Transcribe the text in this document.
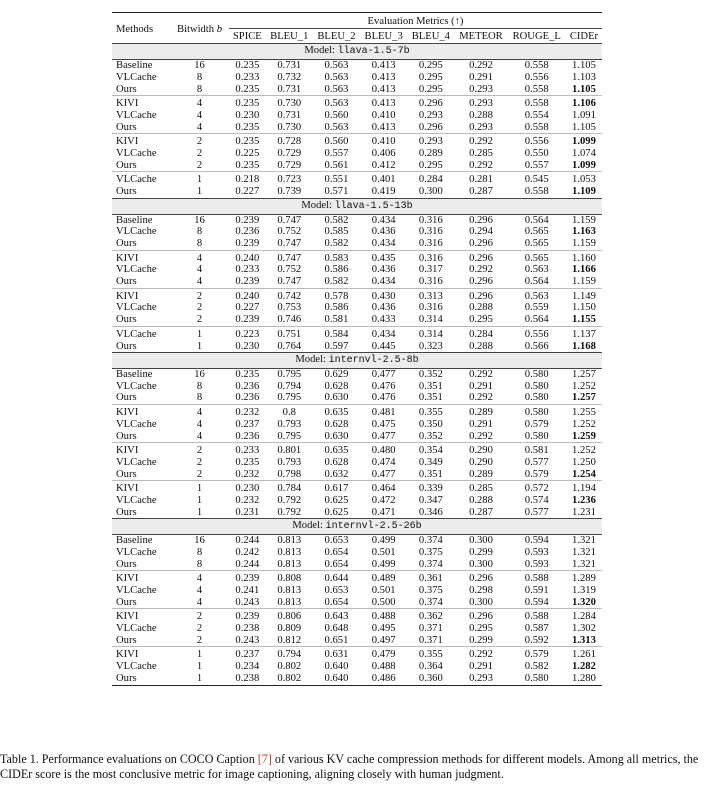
Methods	Bitwidth b	Evaluation Metrics (↑)							
		SPICE	BLEU_1	BLEU_2	BLEU_3	BLEU_4	METEOR	ROUGE_L	CIDEr
Model: llava-1.5-7b									
Baseline	16	0.235	0.731	0.563	0.413	0.295	0.292	0.558	1.105
VLCache	8	0.233	0.732	0.563	0.413	0.295	0.291	0.556	1.103
Ours	8	0.235	0.731	0.563	0.413	0.295	0.293	0.558	1.105
KIVI	4	0.235	0.730	0.563	0.413	0.296	0.293	0.558	1.106
VLCache	4	0.230	0.731	0.560	0.410	0.293	0.288	0.554	1.091
Ours	4	0.235	0.730	0.563	0.413	0.296	0.293	0.558	1.105
KIVI	2	0.235	0.728	0.560	0.410	0.293	0.292	0.556	1.099
VLCache	2	0.225	0.729	0.557	0.406	0.289	0.285	0.550	1.074
Ours	2	0.235	0.729	0.561	0.412	0.295	0.292	0.557	1.099
VLCache	1	0.218	0.723	0.551	0.401	0.284	0.281	0.545	1.053
Ours	1	0.227	0.739	0.571	0.419	0.300	0.287	0.558	1.109
Model: llava-1.5-13b									
Baseline	16	0.239	0.747	0.582	0.434	0.316	0.296	0.564	1.159
VLCache	8	0.236	0.752	0.585	0.436	0.316	0.294	0.565	1.163
Ours	8	0.239	0.747	0.582	0.434	0.316	0.296	0.565	1.159
KIVI	4	0.240	0.747	0.583	0.435	0.316	0.296	0.565	1.160
VLCache	4	0.233	0.752	0.586	0.436	0.317	0.292	0.563	1.166
Ours	4	0.239	0.747	0.582	0.434	0.316	0.296	0.564	1.159
KIVI	2	0.240	0.742	0.578	0.430	0.313	0.296	0.563	1.149
VLCache	2	0.227	0.753	0.586	0.436	0.316	0.288	0.559	1.150
Ours	2	0.239	0.746	0.581	0.433	0.314	0.295	0.564	1.155
VLCache	1	0.223	0.751	0.584	0.434	0.314	0.284	0.556	1.137
Ours	1	0.230	0.764	0.597	0.445	0.323	0.288	0.566	1.168
Model: internvl-2.5-8b									
Baseline	16	0.235	0.795	0.629	0.477	0.352	0.292	0.580	1.257
VLCache	8	0.236	0.794	0.628	0.476	0.351	0.291	0.580	1.252
Ours	8	0.236	0.795	0.630	0.476	0.351	0.292	0.580	1.257
KIVI	4	0.232	0.8	0.635	0.481	0.355	0.289	0.580	1.255
VLCache	4	0.237	0.793	0.628	0.475	0.350	0.291	0.579	1.252
Ours	4	0.236	0.795	0.630	0.477	0.352	0.292	0.580	1.259
KIVI	2	0.233	0.801	0.635	0.480	0.354	0.290	0.581	1.252
VLCache	2	0.235	0.793	0.628	0.474	0.349	0.290	0.577	1.250
Ours	2	0.232	0.798	0.632	0.477	0.351	0.289	0.579	1.254
KIVI	1	0.230	0.784	0.617	0.464	0.339	0.285	0.572	1.194
VLCache	1	0.232	0.792	0.625	0.472	0.347	0.288	0.574	1.236
Ours	1	0.231	0.792	0.625	0.471	0.346	0.287	0.577	1.231
Model: internvl-2.5-26b									
Baseline	16	0.244	0.813	0.653	0.499	0.374	0.300	0.594	1.321
VLCache	8	0.242	0.813	0.654	0.501	0.375	0.299	0.593	1.321
Ours	8	0.244	0.813	0.654	0.499	0.374	0.300	0.593	1.321
KIVI	4	0.239	0.808	0.644	0.489	0.361	0.296	0.588	1.289
VLCache	4	0.241	0.813	0.653	0.501	0.375	0.298	0.591	1.319
Ours	4	0.243	0.813	0.654	0.500	0.374	0.300	0.594	1.320
KIVI	2	0.239	0.806	0.643	0.488	0.362	0.296	0.588	1.284
VLCache	2	0.238	0.809	0.648	0.495	0.371	0.295	0.587	1.302
Ours	2	0.243	0.812	0.651	0.497	0.371	0.299	0.592	1.313
KIVI	1	0.237	0.794	0.631	0.479	0.355	0.292	0.579	1.261
VLCache	1	0.234	0.802	0.640	0.488	0.364	0.291	0.582	1.282
Ours	1	0.238	0.802	0.640	0.486	0.360	0.293	0.580	1.280
Table 1. Performance evaluations on COCO Caption [7] of various KV cache compression methods for different models. Among all metrics, the CIDEr score is the most conclusive metric for image captioning, aligning closely with human judgment.
